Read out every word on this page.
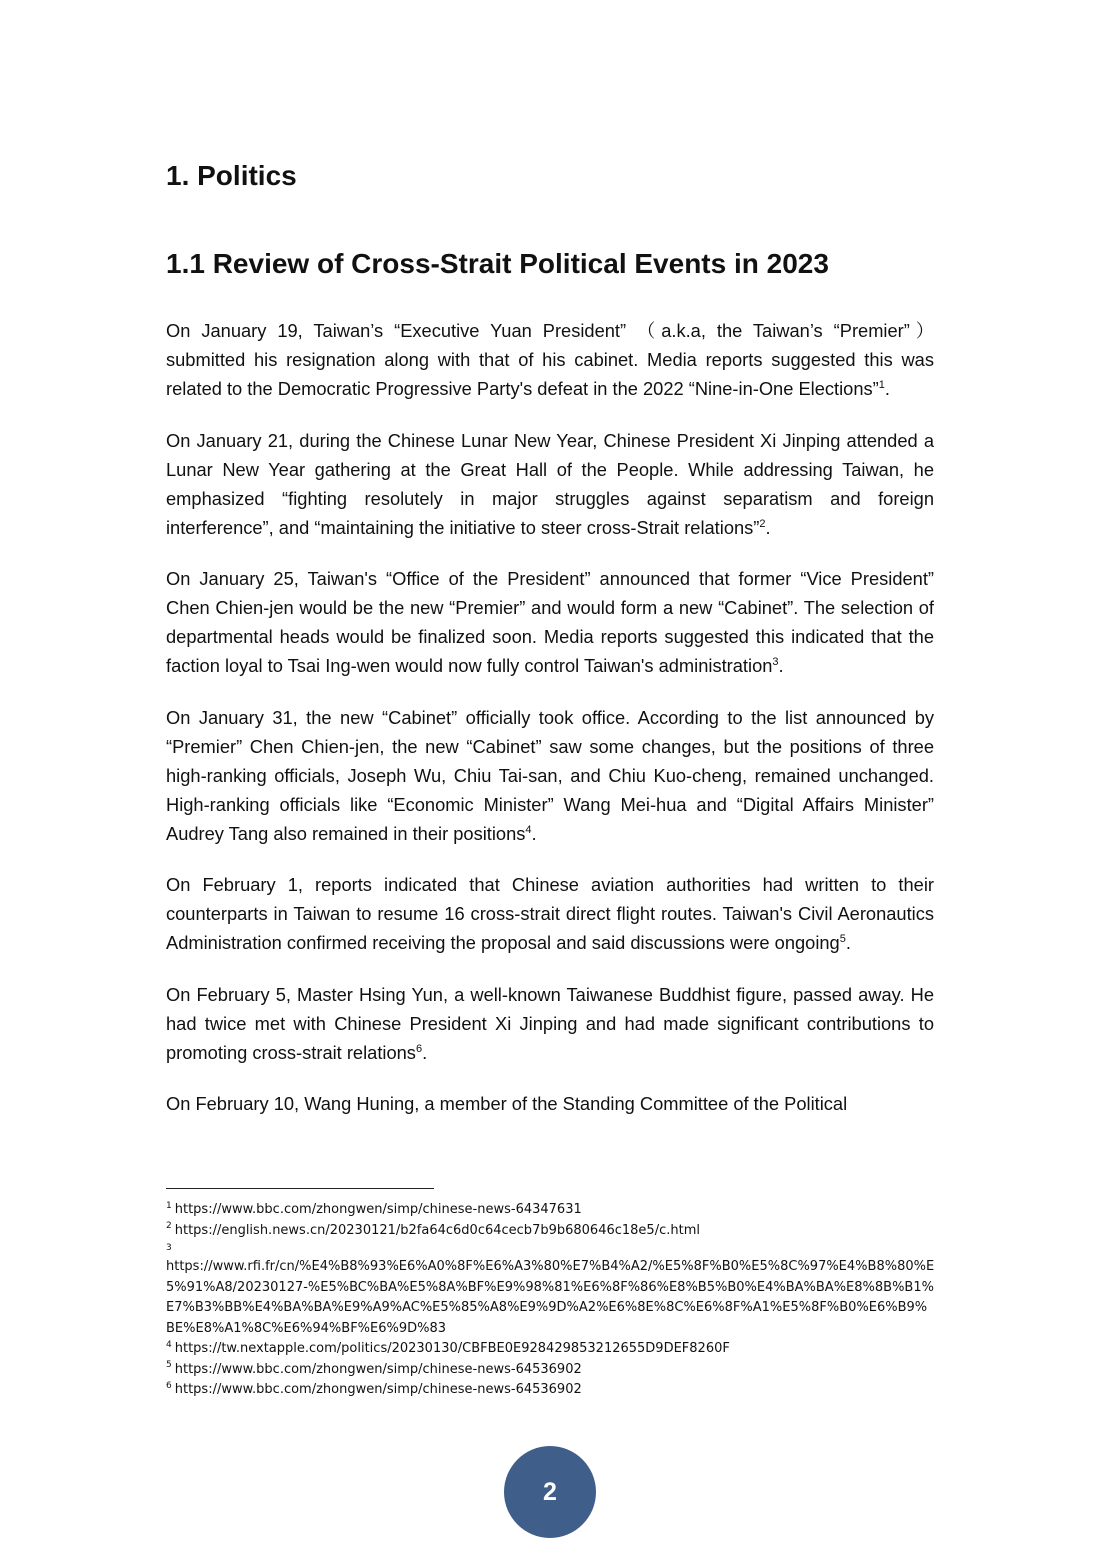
1. Politics
1.1 Review of Cross-Strait Political Events in 2023

On January 19, Taiwan’s “Executive Yuan President” （a.k.a, the Taiwan’s “Premier”） submitted his resignation along with that of his cabinet. Media reports suggested this was related to the Democratic Progressive Party's defeat in the 2022 “Nine-in-One Elections”$^1$.

On January 21, during the Chinese Lunar New Year, Chinese President Xi Jinping attended a Lunar New Year gathering at the Great Hall of the People. While addressing Taiwan, he emphasized “fighting resolutely in major struggles against separatism and foreign interference”, and “maintaining the initiative to steer cross-Strait relations”$^2$.

On January 25, Taiwan's “Office of the President” announced that former “Vice President” Chen Chien-jen would be the new “Premier” and would form a new “Cabinet”. The selection of departmental heads would be finalized soon. Media reports suggested this indicated that the faction loyal to Tsai Ing-wen would now fully control Taiwan's administration$^3$.

On January 31, the new “Cabinet” officially took office. According to the list announced by “Premier” Chen Chien-jen, the new “Cabinet” saw some changes, but the positions of three high-ranking officials, Joseph Wu, Chiu Tai-san, and Chiu Kuo-cheng, remained unchanged. High-ranking officials like “Economic Minister” Wang Mei-hua and “Digital Affairs Minister” Audrey Tang also remained in their positions$^4$.

On February 1, reports indicated that Chinese aviation authorities had written to their counterparts in Taiwan to resume 16 cross-strait direct flight routes. Taiwan's Civil Aeronautics Administration confirmed receiving the proposal and said discussions were ongoing$^5$.

On February 5, Master Hsing Yun, a well-known Taiwanese Buddhist figure, passed away. He had twice met with Chinese President Xi Jinping and had made significant contributions to promoting cross-strait relations$^6$.

On February 10, Wang Huning, a member of the Standing Committee of the Political

$^1$ https://www.bbc.com/zhongwen/simp/chinese-news-64347631

$^2$ https://english.news.cn/20230121/b2fa64c6d0c64cecb7b9b680646c18e5/c.html

3
https://www.rfi.fr/cn/%E4%B8%93%E6%A0%8F%E6%A3%80%E7%B4%A2/%E5%8F%B0%E5%8C%97%E4%B8%80%E5%91%A8/20230127-%E5%BC%BA%E5%8A%BF%E9%98%81%E6%8F%86%E8%B5%B0%E4%BA%BA%E8%8B%B1%E7%B3%BB%E4%BA%BA%E9%A9%AC%E5%85%A8%E9%9D%A2%E6%8E%8C%E6%8F%A1%E5%8F%B0%E6%B9%BE%E8%A1%8C%E6%94%BF%E6%9D%83

$^4$ https://tw.nextapple.com/politics/20230130/CBFBE0E928429853212655D9DEF8260F

$^5$ https://www.bbc.com/zhongwen/simp/chinese-news-64536902

$^6$ https://www.bbc.com/zhongwen/simp/chinese-news-64536902

2
